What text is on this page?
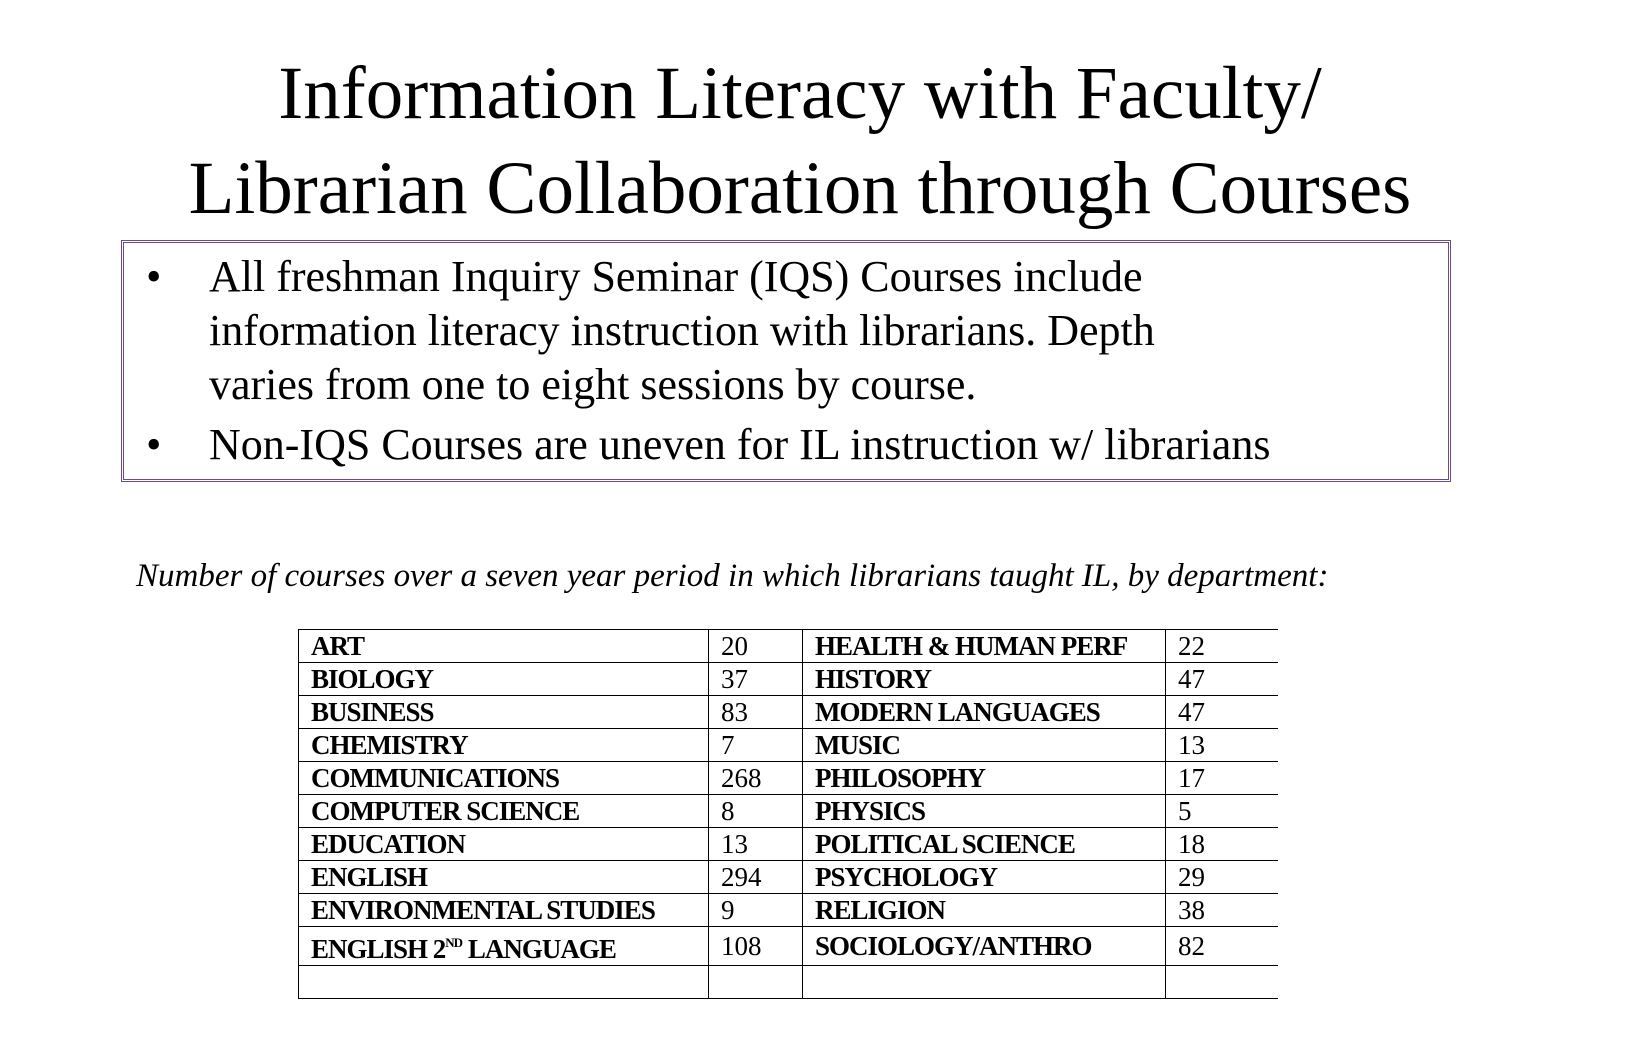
Information Literacy with Faculty/
Librarian Collaboration through Courses
• All freshman Inquiry Seminar (IQS) Courses include
information literacy instruction with librarians. Depth
varies from one to eight sessions by course.
• Non-IQS Courses are uneven for IL instruction w/ librarians
Number of courses over a seven year period in which librarians taught IL, by department:
ART	20	HEALTH & HUMAN PERF	22
BIOLOGY	37	HISTORY	47
BUSINESS	83	MODERN LANGUAGES	47
CHEMISTRY	7	MUSIC	13
COMMUNICATIONS	268	PHILOSOPHY	17
COMPUTER SCIENCE	8	PHYSICS	5
EDUCATION	13	POLITICAL SCIENCE	18
ENGLISH	294	PSYCHOLOGY	29
ENVIRONMENTAL STUDIES	9	RELIGION	38
ENGLISH 2ND LANGUAGE	108	SOCIOLOGY/ANTHRO	82
